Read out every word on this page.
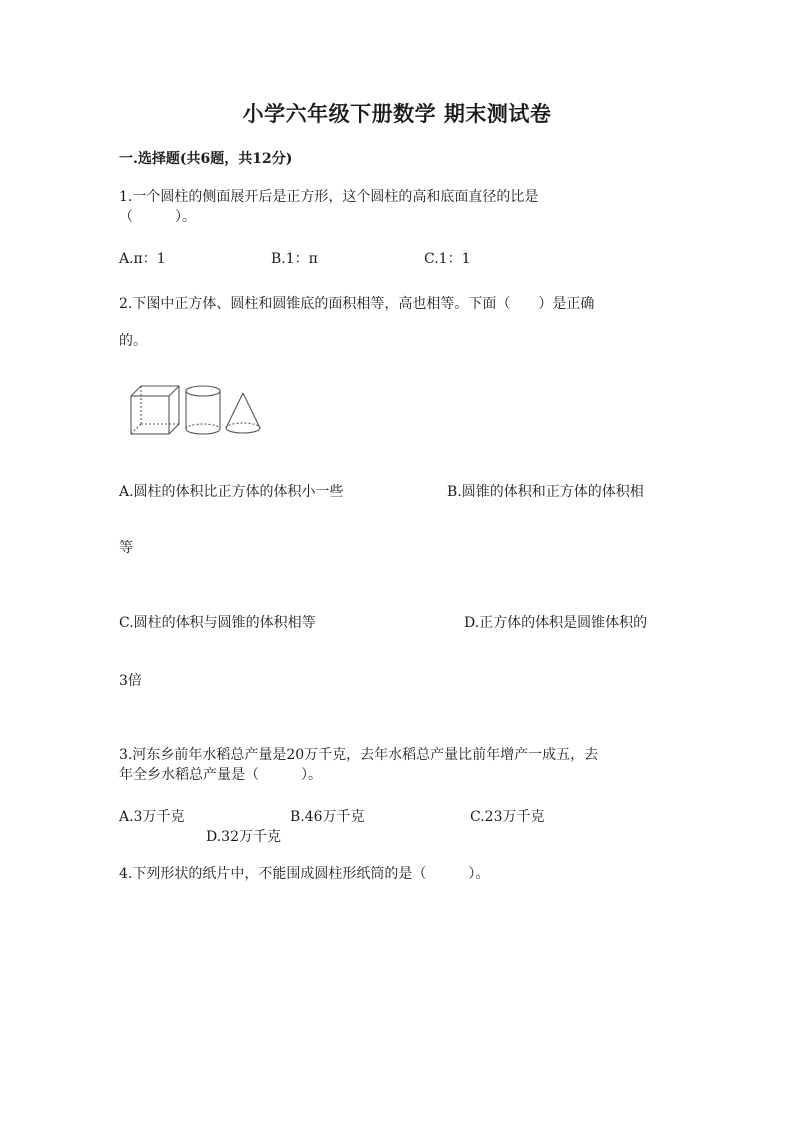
小学六年级下册数学 期末测试卷
一.选择题(共6题，共12分)
1.一个圆柱的侧面展开后是正方形，这个圆柱的高和底面直径的比是
（　　　）。
A.π：1	B.1：π	C.1：1
2.下图中正方体、圆柱和圆锥底的面积相等，高也相等。下面（　　）是正确
的。
A.圆柱的体积比正方体的体积小一些	B.圆锥的体积和正方体的体积相
等
C.圆柱的体积与圆锥的体积相等	D.正方体的体积是圆锥体积的
3倍
3.河东乡前年水稻总产量是20万千克，去年水稻总产量比前年增产一成五，去
年全乡水稻总产量是（　　　）。
A.3万千克	B.46万千克	C.23万千克
D.32万千克
4.下列形状的纸片中，不能围成圆柱形纸筒的是（　　　）。
